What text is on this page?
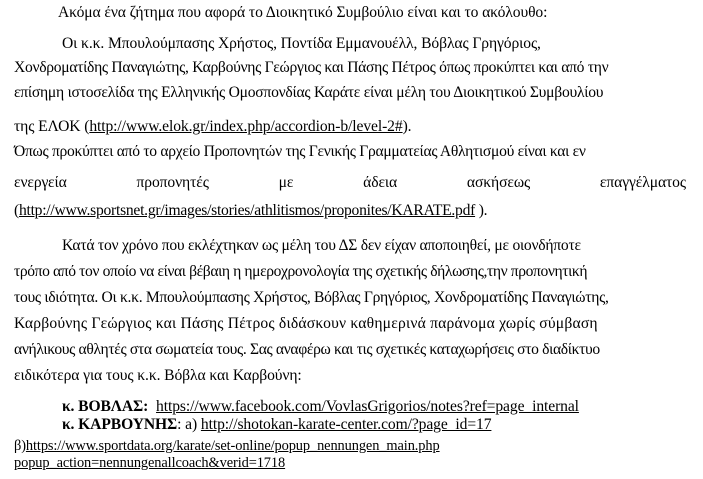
Ακόμα ένα ζήτημα που αφορά το Διοικητικό Συμβούλιο είναι και το ακόλουθο:
Οι κ.κ. Μπουλούμπασης Χρήστος, Ποντίδα Εμμανουέλλ, Βόβλας Γρηγόριος,
Χονδροματίδης Παναγιώτης, Καρβούνης Γεώργιος και Πάσης Πέτρος όπως προκύπτει και από την
επίσημη ιστοσελίδα της Ελληνικής Ομοσπονδίας Καράτε είναι μέλη του Διοικητικού Συμβουλίου
της ΕΛΟΚ (http://www.elok.gr/index.php/accordion-b/level-2#).
Όπως προκύπτει από το αρχείο Προπονητών της Γενικής Γραμματείας Αθλητισμού είναι και εν
ενεργεία	προπονητές	με	άδεια	ασκήσεως	επαγγέλματος
(http://www.sportsnet.gr/images/stories/athlitismos/proponites/KARATE.pdf ).
Κατά τον χρόνο που εκλέχτηκαν ως μέλη του ΔΣ δεν είχαν αποποιηθεί, με οιονδήποτε
τρόπο από τον οποίο να είναι βέβαιη η ημερoχρονολογία της σχετικής δήλωσης,την προπονητική
τους ιδιότητα. Οι κ.κ. Μπουλούμπασης Χρήστος, Βόβλας Γρηγόριος, Χονδροματίδης Παναγιώτης,
Καρβούνης Γεώργιος και Πάσης Πέτρος διδάσκουν καθημερινά παράνομα χωρίς σύμβαση
ανήλικους αθλητές στα σωματεία τους. Σας αναφέρω και τις σχετικές καταχωρήσεις στο διαδίκτυο
ειδικότερα για τους κ.κ. Βόβλα και Καρβούνη:
κ. ΒΟΒΛΑΣ: https://www.facebook.com/VovlasGrigorios/notes?ref=page_internal
κ. ΚΑΡΒΟΥΝΗΣ: a) http://shotokan-karate-center.com/?page_id=17
β)https://www.sportdata.org/karate/set-online/popup_nennungen_main.php
popup_action=nennungenallcoach&verid=1718
